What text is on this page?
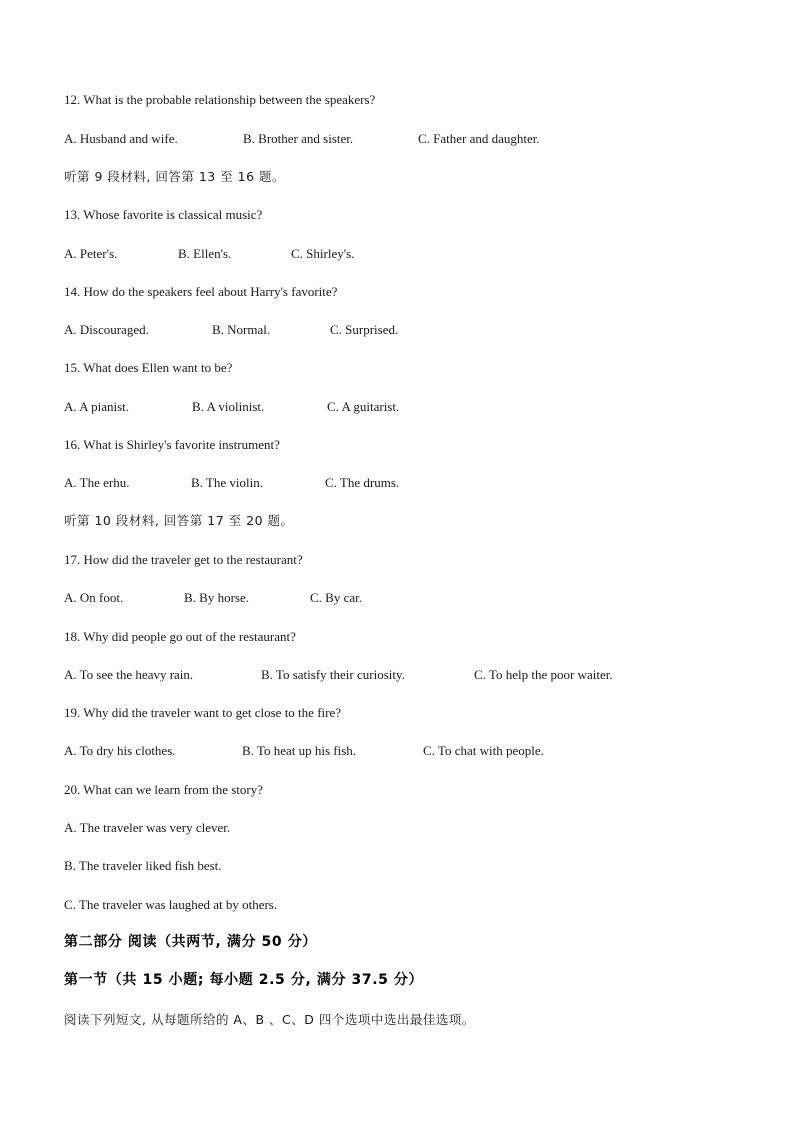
12. What is the probable relationship between the speakers?
A. Husband and wife.	B. Brother and sister.	C. Father and daughter.
听第 9 段材料, 回答第 13 至 16 题。
13. Whose favorite is classical music?
A. Peter's.	B. Ellen's.	C. Shirley's.
14. How do the speakers feel about Harry's favorite?
A. Discouraged.	B. Normal.	C. Surprised.
15. What does Ellen want to be?
A. A pianist.	B. A violinist.	C. A guitarist.
16. What is Shirley's favorite instrument?
A. The erhu.	B. The violin.	C. The drums.
听第 10 段材料, 回答第 17 至 20 题。
17. How did the traveler get to the restaurant?
A. On foot.	B. By horse.	C. By car.
18. Why did people go out of the restaurant?
A. To see the heavy rain.	B. To satisfy their curiosity.	C. To help the poor waiter.
19. Why did the traveler want to get close to the fire?
A. To dry his clothes.	B. To heat up his fish.	C. To chat with people.
20. What can we learn from the story?
A. The traveler was very clever.
B. The traveler liked fish best.
C. The traveler was laughed at by others.
第二部分 阅读（共两节, 满分 50 分）
第一节（共 15 小题; 每小题 2.5 分, 满分 37.5 分）
阅读下列短文, 从每题所给的 A、B 、C、D 四个选项中选出最佳选项。
